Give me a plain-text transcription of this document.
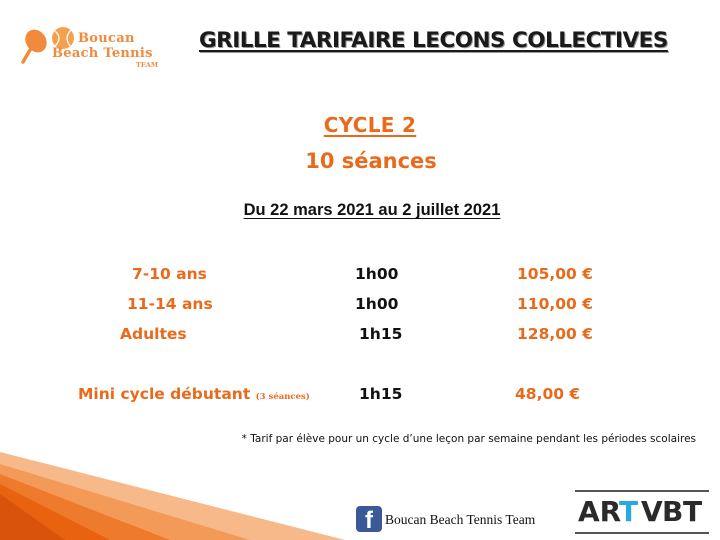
Boucan
Beach Tennis
TEAM
GRILLE TARIFAIRE LECONS COLLECTIVES
CYCLE 2
10 séances
Du 22 mars 2021 au 2 juillet 2021
7-10 ans	1h00	105,00 €
11-14 ans	1h00	110,00 €
Adultes	1h15	128,00 €
Mini cycle débutant (3 séances)	1h15	48,00 €
* Tarif par élève pour un cycle d’une leçon par semaine pendant les périodes scolaires
f Boucan Beach Tennis Team AR
T V B T
